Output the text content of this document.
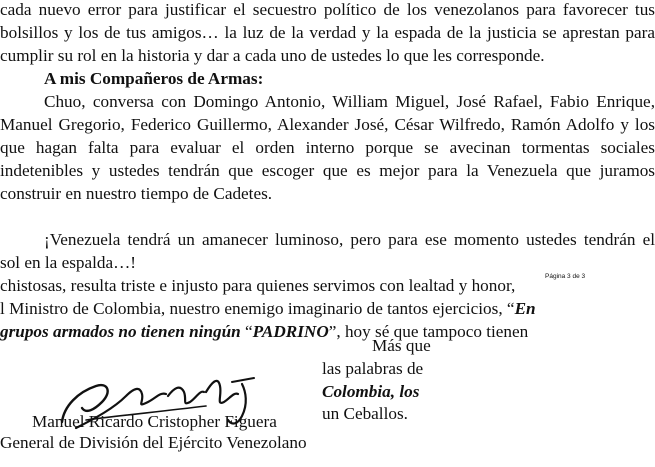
cada nuevo error para justificar el secuestro político de los venezolanos para favorecer tus
bolsillos y los de tus amigos… la luz de la verdad y la espada de la justicia se aprestan para
cumplir su rol en la historia y dar a cada uno de ustedes lo que les corresponde.
A mis Compañeros de Armas:
Chuo, conversa con Domingo Antonio, William Miguel, José Rafael, Fabio Enrique,
Manuel Gregorio, Federico Guillermo, Alexander José, César Wilfredo, Ramón Adolfo y los
que hagan falta para evaluar el orden interno porque se avecinan tormentas sociales
indetenibles y ustedes tendrán que escoger que es mejor para la Venezuela que juramos
construir en nuestro tiempo de Cadetes.
¡Venezuela tendrá un amanecer luminoso, pero para ese momento ustedes tendrán el
sol en la espalda…!
chistosas, resulta triste e injusto para quienes servimos con lealtad y honor,	Página 3 de 3
l Ministro de Colombia, nuestro enemigo imaginario de tantos ejercicios, “En
grupos armados no tienen ningún “PADRINO”, hoy sé que tampoco tienen
Más que
las palabras de
Colombia, los
un Ceballos.
Manuel Ricardo Cristopher Figuera
General de División del Ejército Venezolano
